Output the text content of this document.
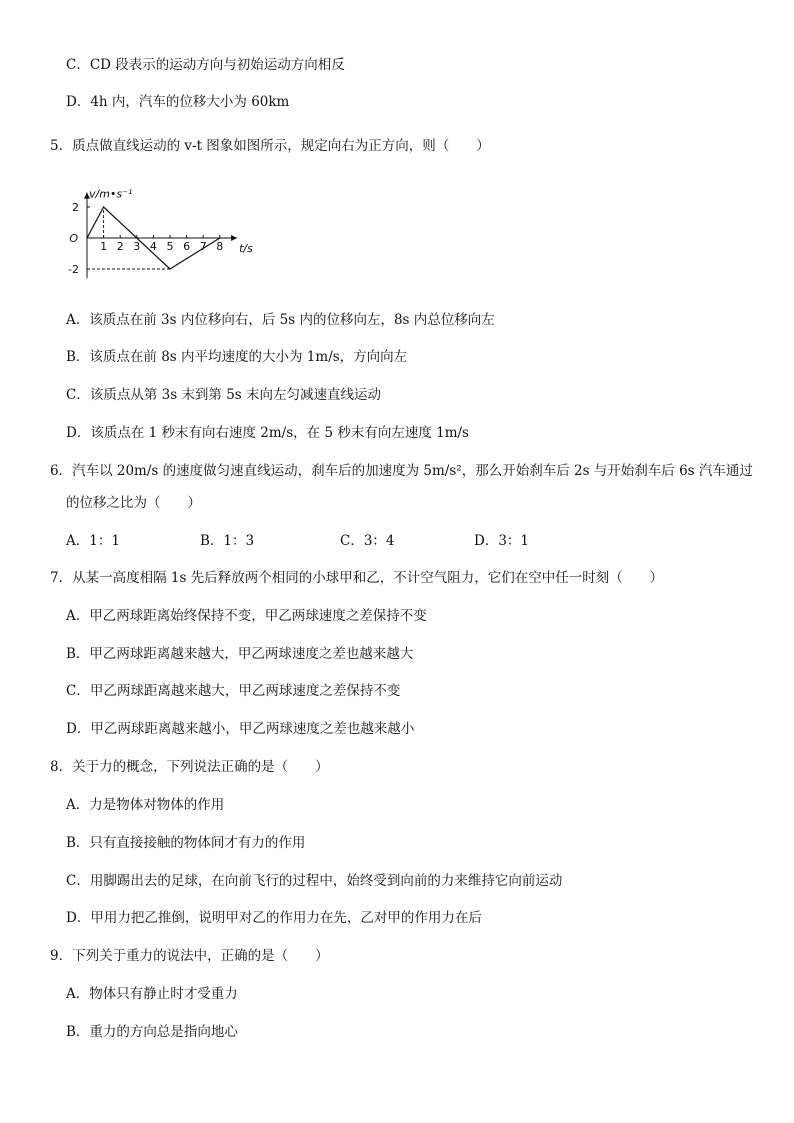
C．CD 段表示的运动方向与初始运动方向相反
D．4h 内，汽车的位移大小为 60km
5．质点做直线运动的 v-t 图象如图所示，规定向右为正方向，则（　　）
1 2 3 4 5 6 7 8
2
-2
v/m•s⁻¹
t/s
O
A．该质点在前 3s 内位移向右，后 5s 内的位移向左，8s 内总位移向左
B．该质点在前 8s 内平均速度的大小为 1m/s，方向向左
C．该质点从第 3s 末到第 5s 末向左匀减速直线运动
D．该质点在 1 秒末有向右速度 2m/s，在 5 秒末有向左速度 1m/s
6．汽车以 20m/s 的速度做匀速直线运动，刹车后的加速度为 5m/s²，那么开始刹车后 2s 与开始刹车后 6s 汽车通过
的位移之比为（　　）
A．1：1	B．1：3	C．3：4	D．3：1
7．从某一高度相隔 1s 先后释放两个相同的小球甲和乙，不计空气阻力，它们在空中任一时刻（　　）
A．甲乙两球距离始终保持不变，甲乙两球速度之差保持不变
B．甲乙两球距离越来越大，甲乙两球速度之差也越来越大
C．甲乙两球距离越来越大，甲乙两球速度之差保持不变
D．甲乙两球距离越来越小，甲乙两球速度之差也越来越小
8．关于力的概念，下列说法正确的是（　　）
A．力是物体对物体的作用
B．只有直接接触的物体间才有力的作用
C．用脚踢出去的足球，在向前飞行的过程中，始终受到向前的力来维持它向前运动
D．甲用力把乙推倒，说明甲对乙的作用力在先，乙对甲的作用力在后
9．下列关于重力的说法中，正确的是（　　）
A．物体只有静止时才受重力
B．重力的方向总是指向地心
